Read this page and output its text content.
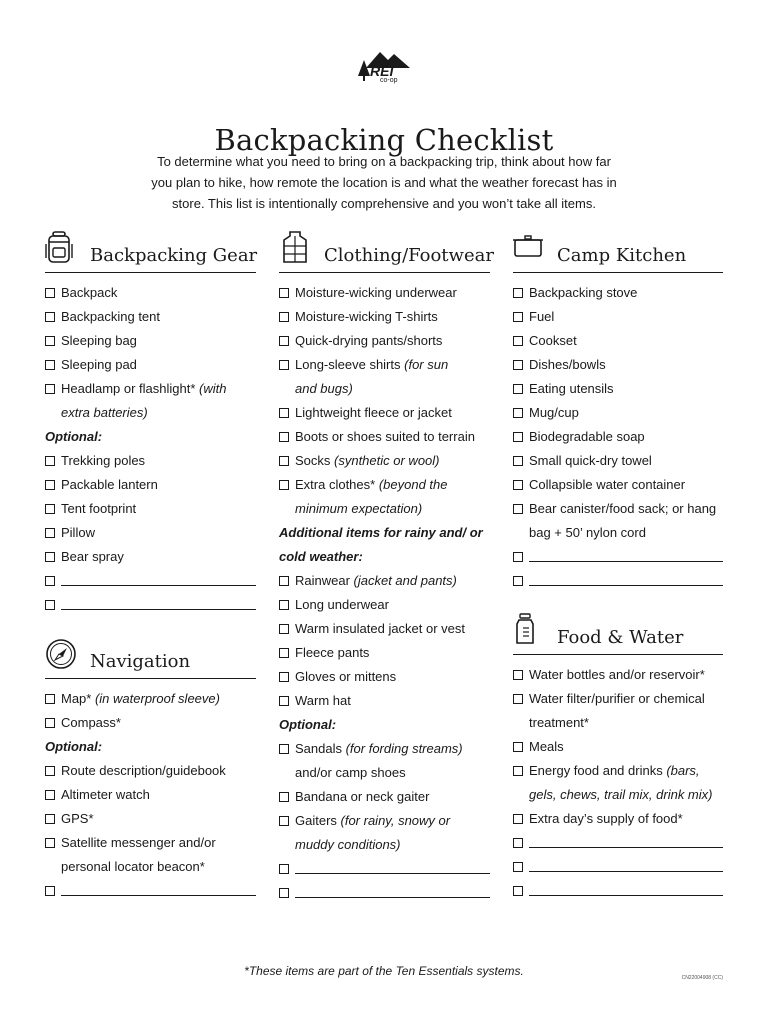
REI
co-op
Backpacking Checklist
To determine what you need to bring on a backpacking trip, think about how far you plan to hike, how remote the location is and what the weather forecast has in store. This list is intentionally comprehensive and you won’t take all items.
Backpacking Gear
Backpack
Backpacking tent
Sleeping bag
Sleeping pad
Headlamp or flashlight* (with
extra batteries)
Optional:
Trekking poles
Packable lantern
Tent footprint
Pillow
Bear spray
Navigation
Map* (in waterproof sleeve)
Compass*
Optional:
Route description/guidebook
Altimeter watch
GPS*
Satellite messenger and/or
personal locator beacon*
Clothing/Footwear
Moisture-wicking underwear
Moisture-wicking T-shirts
Quick-drying pants/shorts
Long-sleeve shirts (for sun
and bugs)
Lightweight fleece or jacket
Boots or shoes suited to terrain
Socks (synthetic or wool)
Extra clothes* (beyond the
minimum expectation)
Additional items for rainy and/ or
cold weather:
Rainwear (jacket and pants)
Long underwear
Warm insulated jacket or vest
Fleece pants
Gloves or mittens
Warm hat
Optional:
Sandals (for fording streams)
and/or camp shoes
Bandana or neck gaiter
Gaiters (for rainy, snowy or
muddy conditions)
Camp Kitchen
Backpacking stove
Fuel
Cookset
Dishes/bowls
Eating utensils
Mug/cup
Biodegradable soap
Small quick-dry towel
Collapsible water container
Bear canister/food sack; or hang
bag + 50’ nylon cord
Food & Water
Water bottles and/or reservoir*
Water filter/purifier or chemical
treatment*
Meals
Energy food and drinks (bars,
gels, chews, trail mix, drink mix)
Extra day’s supply of food*
*These items are part of the Ten Essentials systems.	CN22004908 (CC)
